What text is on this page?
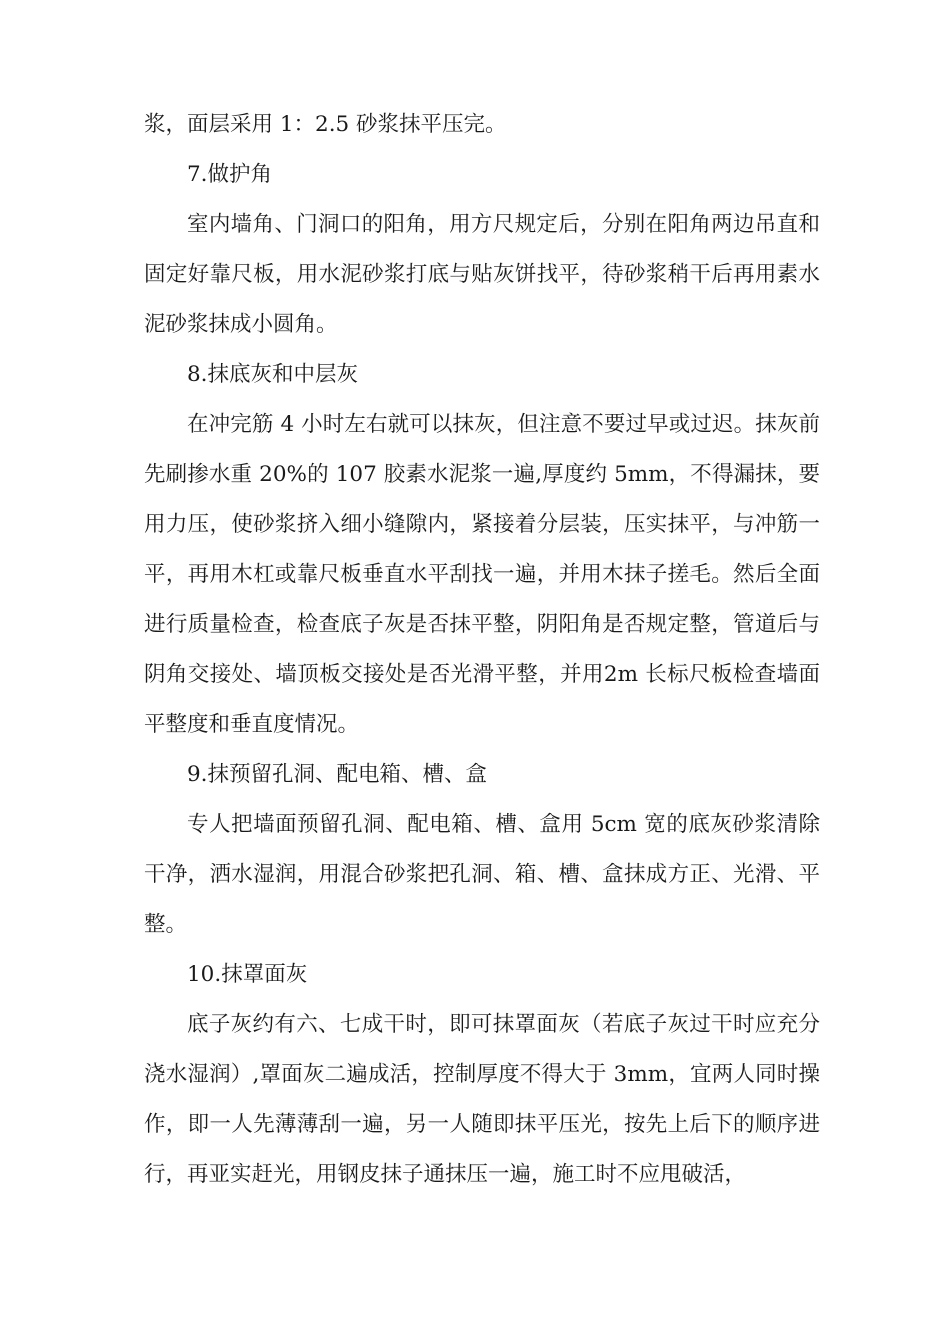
浆，面层采用 1：2.5 砂浆抹平压完。

7.做护角

室内墙角、门洞口的阳角，用方尺规定后，分别在阳角两边吊直和固定好靠尺板，用水泥砂浆打底与贴灰饼找平，待砂浆稍干后再用素水泥砂浆抹成小圆角。

8.抹底灰和中层灰

在冲完筋 4 小时左右就可以抹灰，但注意不要过早或过迟。抹灰前先刷掺水重 20%的 107 胶素水泥浆一遍,厚度约 5mm，不得漏抹，要用力压，使砂浆挤入细小缝隙内，紧接着分层装，压实抹平，与冲筋一平，再用木杠或靠尺板垂直水平刮找一遍，并用木抹子搓毛。然后全面进行质量检查，检查底子灰是否抹平整，阴阳角是否规定整，管道后与阴角交接处、墙顶板交接处是否光滑平整，并用2m 长标尺板检查墙面平整度和垂直度情况。

9.抹预留孔洞、配电箱、槽、盒

专人把墙面预留孔洞、配电箱、槽、盒用 5cm 宽的底灰砂浆清除干净，洒水湿润，用混合砂浆把孔洞、箱、槽、盒抹成方正、光滑、平整。

10.抹罩面灰

底子灰约有六、七成干时，即可抹罩面灰（若底子灰过干时应充分浇水湿润）,罩面灰二遍成活，控制厚度不得大于 3mm，宜两人同时操作，即一人先薄薄刮一遍，另一人随即抹平压光，按先上后下的顺序进行，再亚实赶光，用钢皮抹子通抹压一遍，施工时不应甩破活，
